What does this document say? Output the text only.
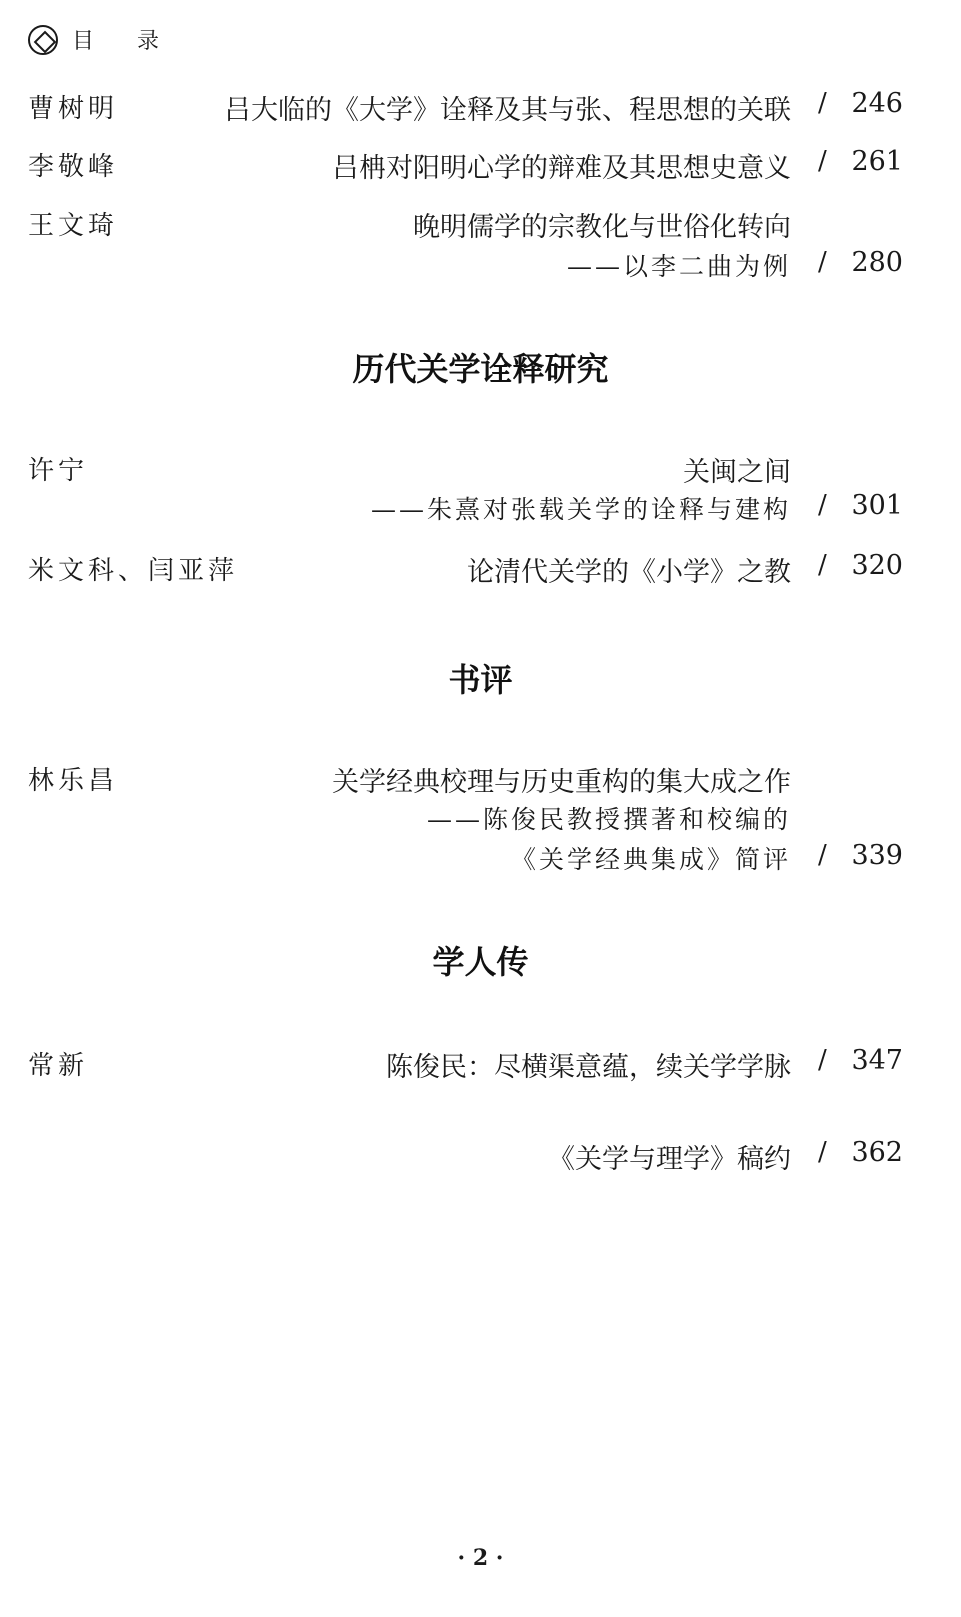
目 录
曹树明	吕大临的《大学》诠释及其与张、程思想的关联 / 246
李敬峰	吕柟对阳明心学的辩难及其思想史意义 / 261
王文琦	晚明儒学的宗教化与世俗化转向
——以李二曲为例 / 280
历代关学诠释研究
许宁	关闽之间
——朱熹对张载关学的诠释与建构 / 301
米文科、闫亚萍	论清代关学的《小学》之教 / 320
书评
林乐昌	关学经典校理与历史重构的集大成之作
——陈俊民教授撰著和校编的
《关学经典集成》简评 / 339
学人传
常新	陈俊民：尽横渠意蕴，续关学学脉 / 347
《关学与理学》稿约 / 362
· 2 ·
